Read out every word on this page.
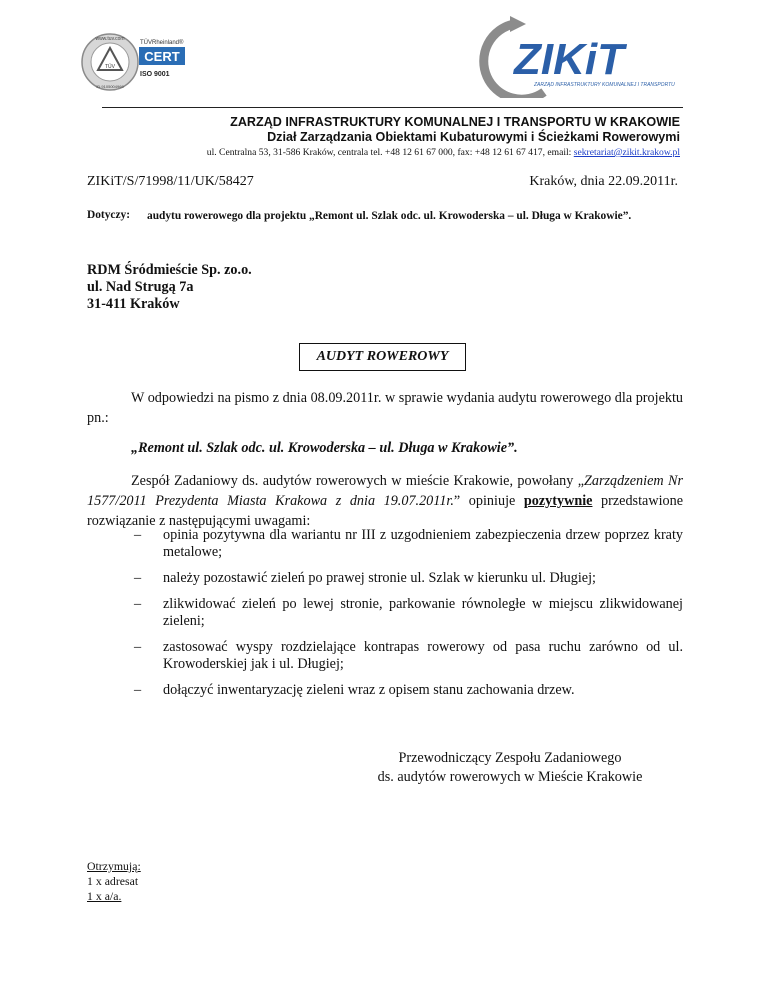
TÜV
www.tuv.com
ID 9105004969
TÜVRheinland®
CERT
ISO 9001	ZIKiT
ZARZĄD INFRASTRUKTURY KOMUNALNEJ I TRANSPORTU
ZARZĄD INFRASTRUKTURY KOMUNALNEJ I TRANSPORTU W KRAKOWIE
Dział Zarządzania Obiektami Kubaturowymi i Ścieżkami Rowerowymi
ul. Centralna 53, 31-586 Kraków, centrala tel. +48 12 61 67 000, fax: +48 12 61 67 417, email: sekretariat@zikit.krakow.pl
ZIKiT/S/71998/11/UK/58427	Kraków, dnia 22.09.2011r.
Dotyczy: audytu rowerowego dla projektu „Remont ul. Szlak odc. ul. Krowoderska – ul. Długa w Krakowie”.
RDM Śródmieście Sp. zo.o.
ul. Nad Strugą 7a
31-411 Kraków
AUDYT ROWEROWY
W odpowiedzi na pismo z dnia 08.09.2011r. w sprawie wydania audytu rowerowego dla projektu pn.:
„Remont ul. Szlak odc. ul. Krowoderska – ul. Długa w Krakowie”.
Zespół Zadaniowy ds. audytów rowerowych w mieście Krakowie, powołany „Zarządzeniem Nr 1577/2011 Prezydenta Miasta Krakowa z dnia 19.07.2011r.” opiniuje pozytywnie przedstawione rozwiązanie z następującymi uwagami:
– opinia pozytywna dla wariantu nr III z uzgodnieniem zabezpieczenia drzew poprzez kraty metalowe;
– należy pozostawić zieleń po prawej stronie ul. Szlak w kierunku ul. Długiej;
– zlikwidować zieleń po lewej stronie, parkowanie równoległe w miejscu zlikwidowanej zieleni;
– zastosować wyspy rozdzielające kontrapas rowerowy od pasa ruchu zarówno od ul. Krowoderskiej jak i ul. Długiej;
– dołączyć inwentaryzację zieleni wraz z opisem stanu zachowania drzew.
Przewodniczący Zespołu Zadaniowego
ds. audytów rowerowych w Mieście Krakowie
Otrzymują:
1 x adresat
1 x a/a.
